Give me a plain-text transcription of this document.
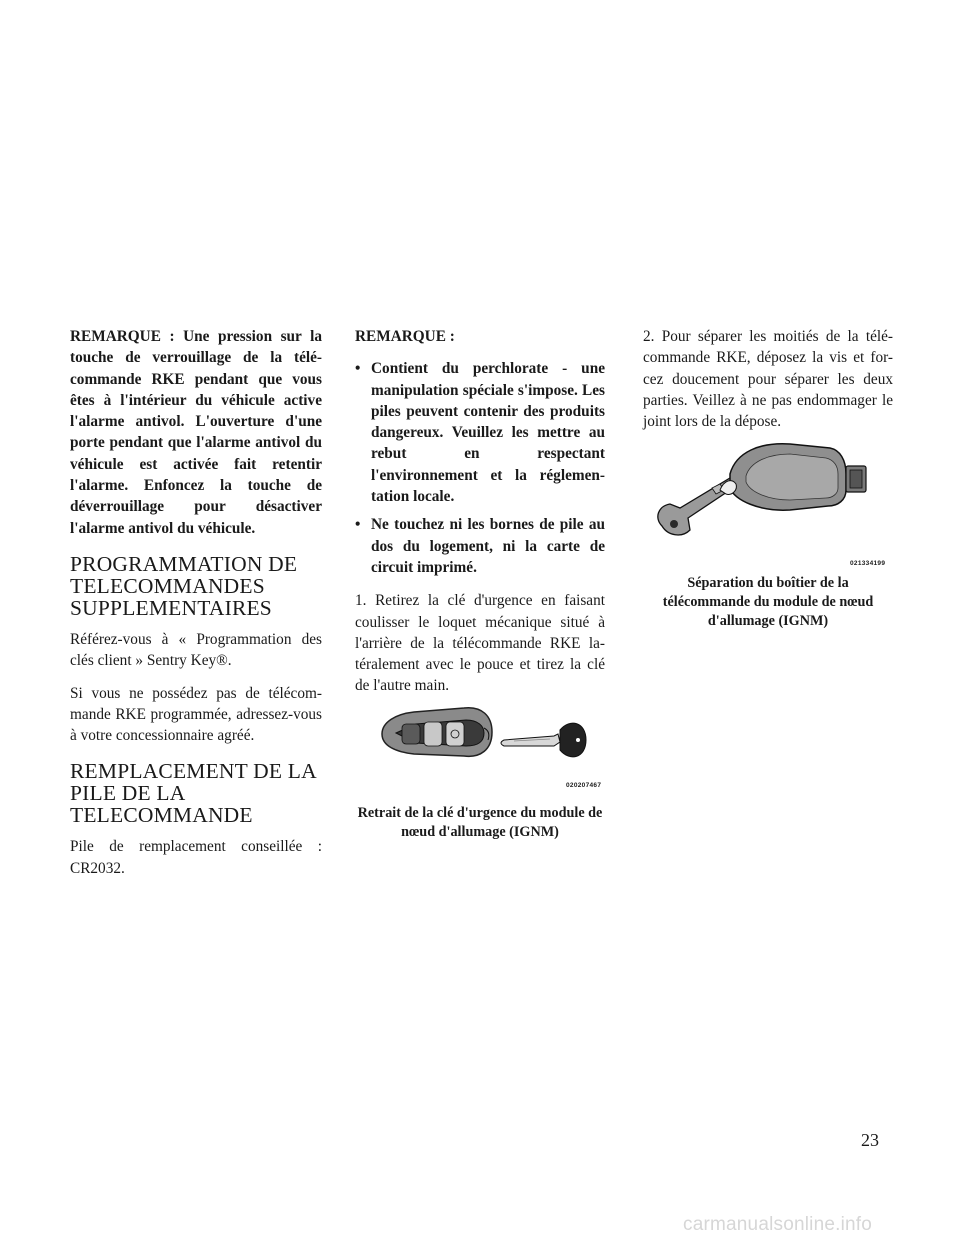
REMARQUE : Une pression sur la touche de verrouillage de la télé-commande RKE pendant que vous êtes à l'intérieur du véhicule active l'alarme antivol. L'ouverture d'une porte pendant que l'alarme antivol du véhicule est activée fait retentir l'alarme. Enfoncez la touche de déverrouillage pour désactiver l'alarme antivol du véhicule.

PROGRAMMATION DE TELECOMMANDES SUPPLEMENTAIRES

Référez-vous à « Programmation des clés client » Sentry Key®.

Si vous ne possédez pas de télécom-mande RKE programmée, adressez-vous à votre concessionnaire agréé.

REMPLACEMENT DE LA PILE DE LA TELECOMMANDE

Pile de remplacement conseillée : CR2032.

REMARQUE :

• Contient du perchlorate - une manipulation spéciale s'impose. Les piles peuvent contenir des produits dangereux. Veuillez les mettre au rebut en respectant l'environnement et la réglemen-tation locale.
• Ne touchez ni les bornes de pile au dos du logement, ni la carte de circuit imprimé.

1. Retirez la clé d'urgence en faisant coulisser le loquet mécanique situé à l'arrière de la télécommande RKE la-téralement avec le pouce et tirez la clé de l'autre main.

020207467
Retrait de la clé d'urgence du module de nœud d'allumage (IGNM)

2. Pour séparer les moitiés de la télé-commande RKE, déposez la vis et for-cez doucement pour séparer les deux parties. Veillez à ne pas endommager le joint lors de la dépose.

021334199
Séparation du boîtier de la télécommande du module de nœud d'allumage (IGNM)
23
carmanualsonline.info
